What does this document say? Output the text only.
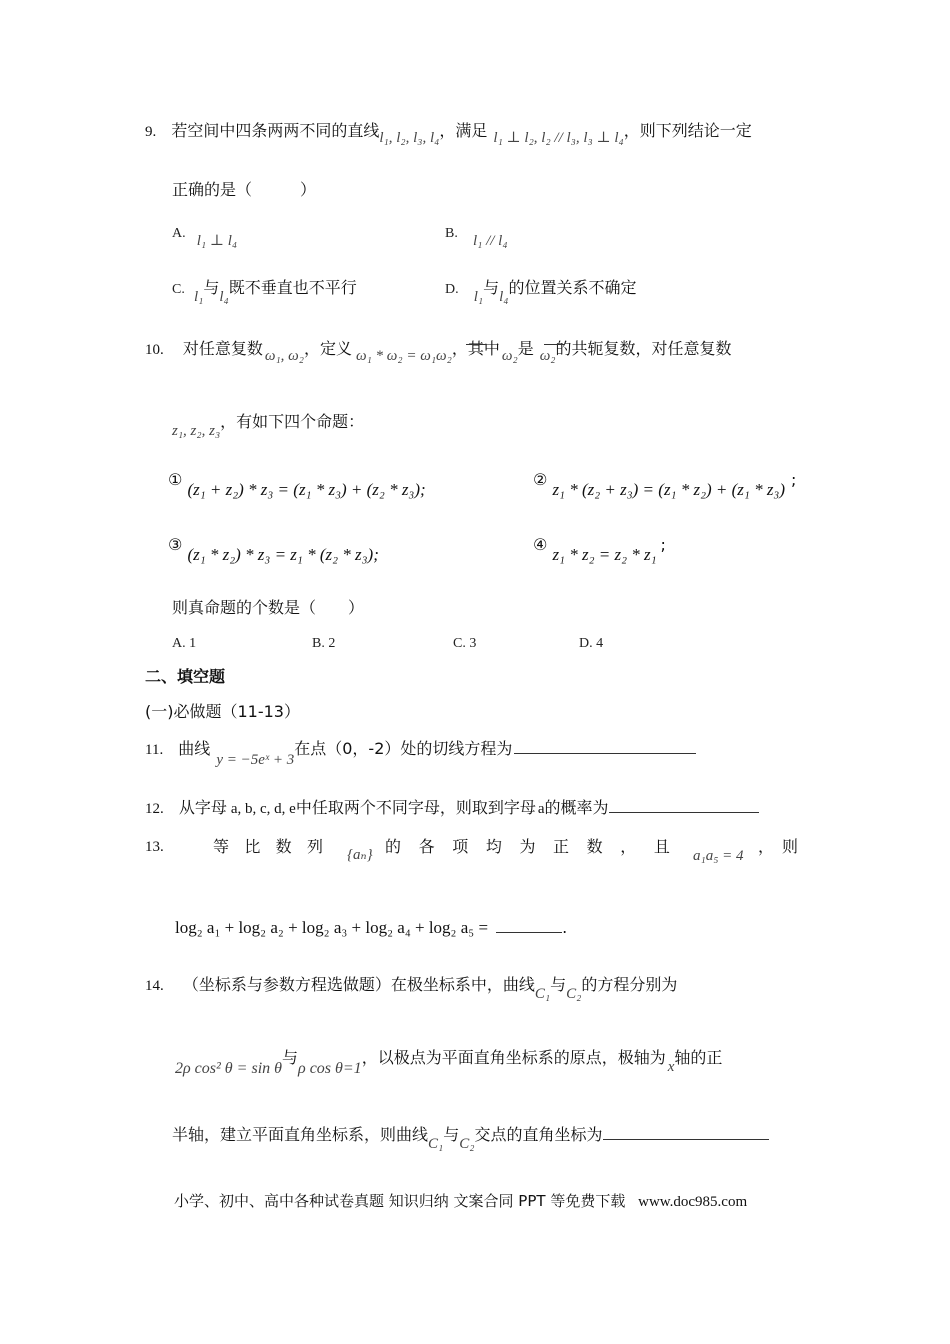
9. 若空间中四条两两不同的直线l₁, l₂, l₃, l₄，满足 l₁ ⊥ l₂, l₂ // l₃, l₃ ⊥ l₄，则下列结论一定
正确的是（　　　）
A. l₁ ⊥ l₄	B. l₁ // l₄
C. l₁与l₄既不垂直也不平行	D. l₁与l₄的位置关系不确定
10. 对任意复数 ω₁, ω₂，定义 ω₁ * ω₂ = ω₁ω₂，其中 ω₂是 ω₂的共轭复数，对任意复数
z₁, z₂, z₃，有如下四个命题：
① (z₁ + z₂) * z₃ = (z₁ * z₃) + (z₂ * z₃);
② z₁ * (z₂ + z₃) = (z₁ * z₂) + (z₁ * z₃);
③ (z₁ * z₂) * z₃ = z₁ * (z₂ * z₃);
④ z₁ * z₂ = z₂ * z₁;
则真命题的个数是（　　）
A. 1	B. 2	C. 3	D. 4
二、填空题
(一)必做题（11-13）
11. 曲线y = −5eˣ + 3在点（0，-2）处的切线方程为
12. 从字母 a, b, c, d, e中任取两个不同字母，则取到字母 a的概率为
13.	等 比 数 列 {aₙ} 的 各 项 均 为 正 数 ， 且 a₁a₅ = 4 ，　则
log₂ a₁ + log₂ a₂ + log₂ a₃ + log₂ a₄ + log₂ a₅ =	.
14. （坐标系与参数方程选做题）在极坐标系中，曲线C₁与C₂的方程分别为
2ρ cos² θ = sin θ与ρ cos θ=1，以极点为平面直角坐标系的原点，极轴为 x轴的正
半轴，建立平面直角坐标系，则曲线C₁与C₂交点的直角坐标为
小学、初中、高中各种试卷真题 知识归纳 文案合同 PPT 等免费下载 www.doc985.com
